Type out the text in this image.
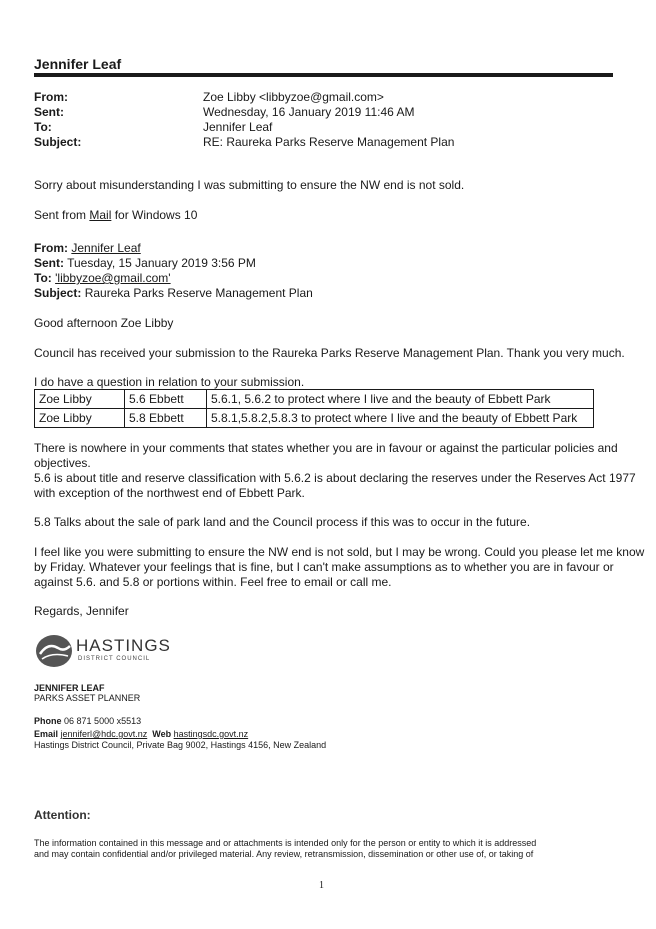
Jennifer Leaf
From:	Zoe Libby <libbyzoe@gmail.com>
Sent:	Wednesday, 16 January 2019 11:46 AM
To:	Jennifer Leaf
Subject:	RE: Raureka Parks Reserve Management Plan
Sorry about misunderstanding I was submitting to ensure the NW end is not sold.
Sent from Mail for Windows 10
From: Jennifer Leaf
Sent: Tuesday, 15 January 2019 3:56 PM
To: 'libbyzoe@gmail.com'
Subject: Raureka Parks Reserve Management Plan
Good afternoon Zoe Libby
Council has received your submission to the Raureka Parks Reserve Management Plan. Thank you very much.
I do have a question in relation to your submission.
Zoe Libby	5.6 Ebbett	5.6.1, 5.6.2 to protect where I live and the beauty of Ebbett Park
Zoe Libby	5.8 Ebbett	5.8.1,5.8.2,5.8.3 to protect where I live and the beauty of Ebbett Park
There is nowhere in your comments that states whether you are in favour or against the particular policies and
objectives.
5.6 is about title and reserve classification with 5.6.2 is about declaring the reserves under the Reserves Act 1977
with exception of the northwest end of Ebbett Park.
5.8 Talks about the sale of park land and the Council process if this was to occur in the future.
I feel like you were submitting to ensure the NW end is not sold, but I may be wrong. Could you please let me know
by Friday. Whatever your feelings that is fine, but I can't make assumptions as to whether you are in favour or
against 5.6. and 5.8 or portions within. Feel free to email or call me.
Regards, Jennifer
HASTINGS
DISTRICT COUNCIL
JENNIFER LEAF
PARKS ASSET PLANNER
Phone 06 871 5000 x5513
Email jenniferl@hdc.govt.nz Web hastingsdc.govt.nz
Hastings District Council, Private Bag 9002, Hastings 4156, New Zealand
Attention:
The information contained in this message and or attachments is intended only for the person or entity to which it is addressed
and may contain confidential and/or privileged material. Any review, retransmission, dissemination or other use of, or taking of
1
